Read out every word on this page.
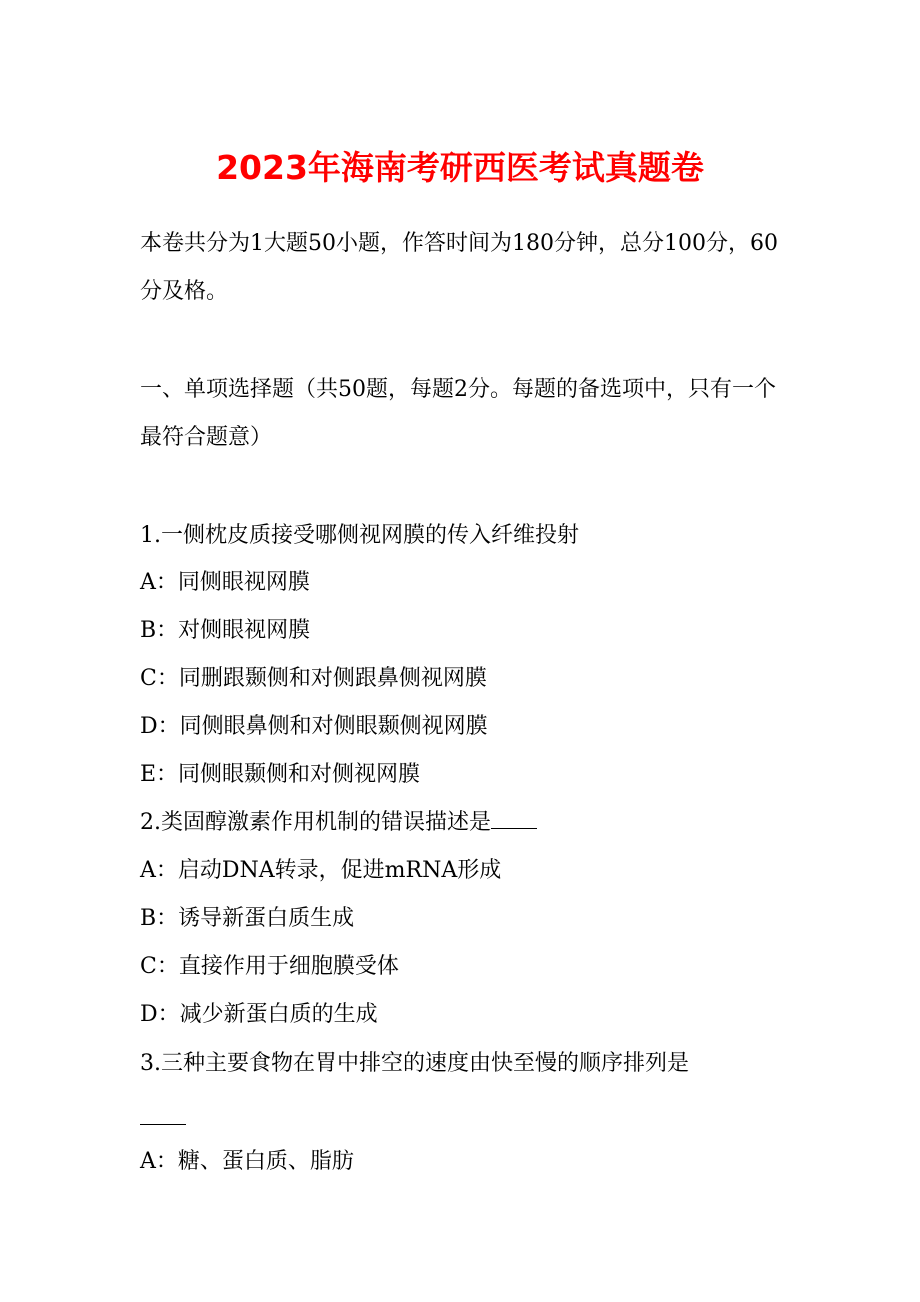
2023年海南考研西医考试真题卷

本卷共分为1大题50小题，作答时间为180分钟，总分100分，60分及格。

一、单项选择题（共50题，每题2分。每题的备选项中，只有一个最符合题意）

1.一侧枕皮质接受哪侧视网膜的传入纤维投射
A：同侧眼视网膜
B：对侧眼视网膜
C：同删跟颞侧和对侧跟鼻侧视网膜
D：同侧眼鼻侧和对侧眼颞侧视网膜
E：同侧眼颞侧和对侧视网膜
2.类固醇激素作用机制的错误描述是
A：启动DNA转录，促进mRNA形成
B：诱导新蛋白质生成
C：直接作用于细胞膜受体
D：减少新蛋白质的生成
3.三种主要食物在胃中排空的速度由快至慢的顺序排列是
A：糖、蛋白质、脂肪
